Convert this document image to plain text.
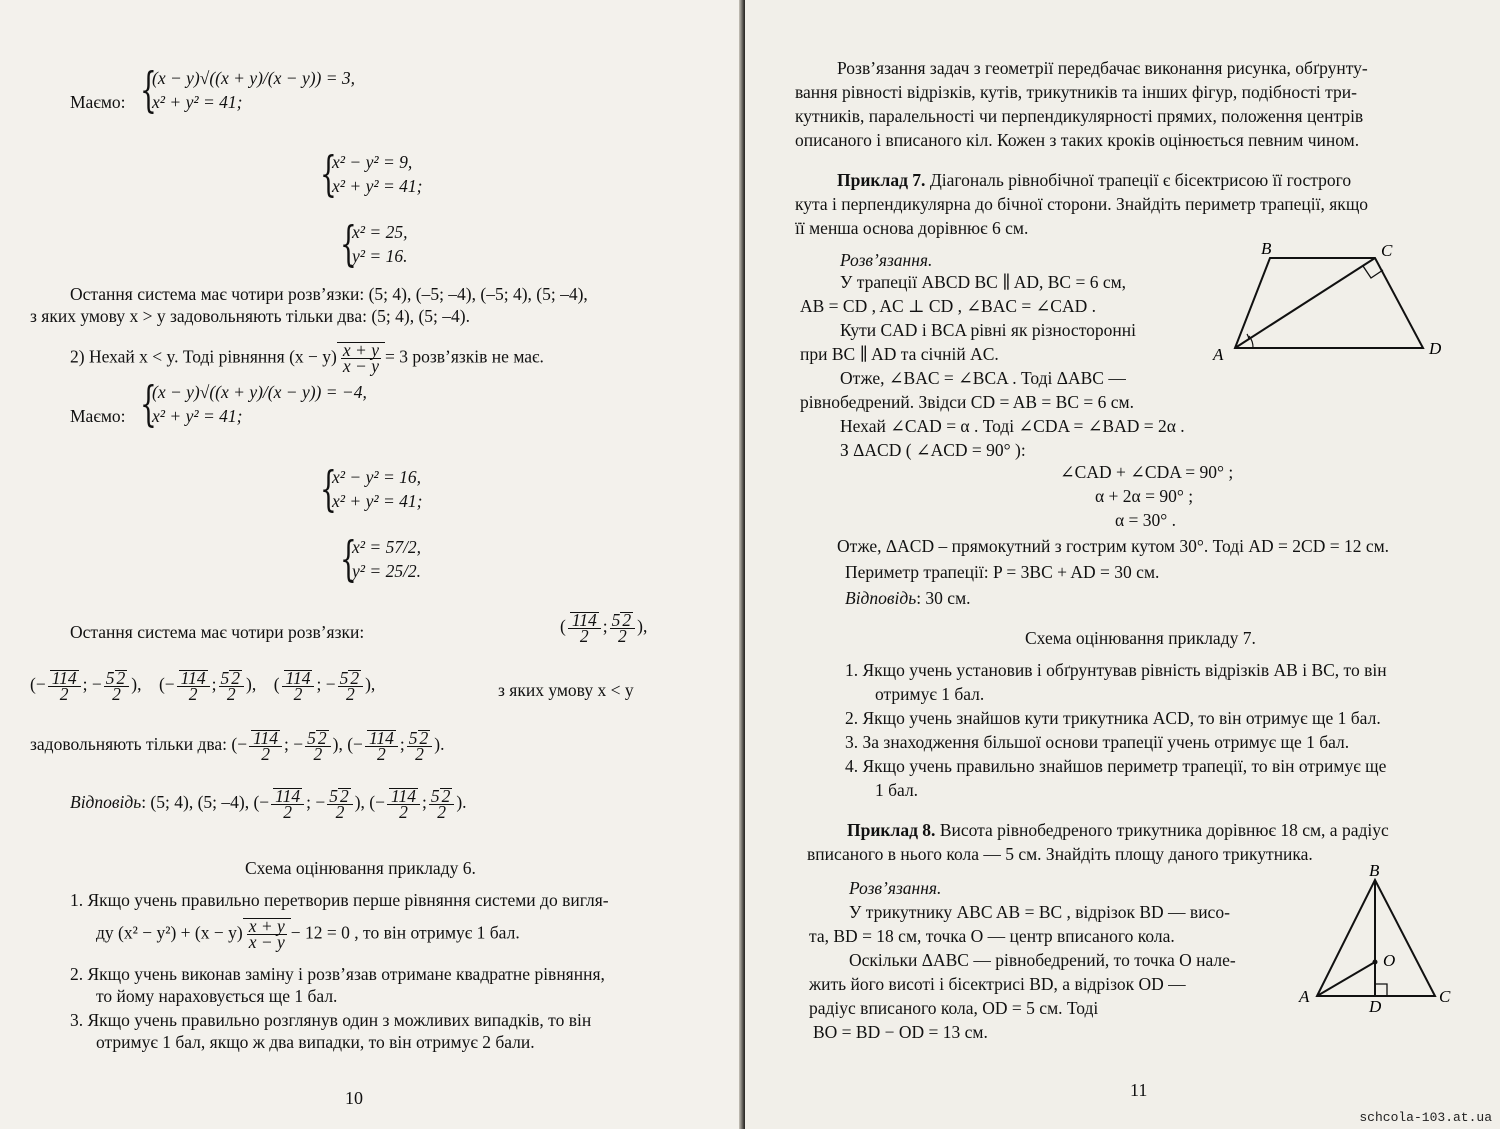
Маємо: {
(x − y)√((x + y)/(x − y)) = 3,
x² + y² = 41;
{
x² − y² = 9,
x² + y² = 41;
{
x² = 25,
y² = 16.
Остання система має чотири розв’язки: (5; 4), (–5; –4), (–5; 4), (5; –4),
з яких умову x > y задовольняють тільки два: (5; 4), (5; –4).
2) Нехай x < y. Тоді рівняння $(x - y) \frac{x + y}{x - y} = 3$ розв’язків не має.
Маємо: {
(x − y)√((x + y)/(x − y)) = −4,
x² + y² = 41;
{
x² − y² = 16,
x² + y² = 41;
{
x² = 57/2,
y² = 25/2.
Остання система має чотири розв’язки:	( $\frac{114}{2}$ ; $\frac{5 2}{2}$ ),
(− $\frac{114}{2}$ ; − $\frac{5 2}{2}$ ),    (− $\frac{114}{2}$ ; $\frac{5 2}{2}$ ),    ( $\frac{114}{2}$ ; − $\frac{5 2}{2}$ ),	з яких умову x < y
задовольняють тільки два: (− $\frac{114}{2}$ ; − $\frac{5 2}{2}$ ), (− $\frac{114}{2}$ ; $\frac{5 2}{2}$ ).
Відповідь: (5; 4), (5; –4), (− $\frac{114}{2}$ ; − $\frac{5 2}{2}$ ), (− $\frac{114}{2}$ ; $\frac{5 2}{2}$ ).
Схема оцінювання прикладу 6.
1. Якщо учень правильно перетворив перше рівняння системи до вигля-
ду $(x^2 - y^2) + (x - y) \frac{x + y}{x - y} - 12 = 0$ , то він отримує 1 бал.
2. Якщо учень виконав заміну і розв’язав отримане квадратне рівняння,
то йому нараховується ще 1 бал.
3. Якщо учень правильно розглянув один з можливих випадків, то він
отримує 1 бал, якщо ж два випадки, то він отримує 2 бали.
10
Розв’язання задач з геометрії передбачає виконання рисунка, обґрунту-
вання рівності відрізків, кутів, трикутників та інших фігур, подібності три-
кутників, паралельності чи перпендикулярності прямих, положення центрів
описаного і вписаного кіл. Кожен з таких кроків оцінюється певним чином.
Приклад 7. Діагональ рівнобічної трапеції є бісектрисою її гострого
кута і перпендикулярна до бічної сторони. Знайдіть периметр трапеції, якщо
її менша основа дорівнює 6 см.
Розв’язання.
У трапеції ABCD BC ∥ AD, BC = 6 см,
AB = CD , AC ⊥ CD , ∠BAC = ∠CAD .
Кути CAD і BCA рівні як різносторонні
при BC ∥ AD та січній AC.
Отже, ∠BAC = ∠BCA . Тоді ΔABC —
рівнобедрений. Звідси CD = AB = BC = 6 см.
Нехай ∠CAD = α . Тоді ∠CDA = ∠BAD = 2α .
З ΔACD ( ∠ACD = 90° ):
∠CAD + ∠CDA = 90° ;
α + 2α = 90° ;
α = 30° .
Отже, ΔACD – прямокутний з гострим кутом 30°. Тоді AD = 2CD = 12 см.
Периметр трапеції: P = 3BC + AD = 30 см.
Відповідь: 30 см.
Схема оцінювання прикладу 7.
1. Якщо учень установив і обґрунтував рівність відрізків AB і BC, то він
отримує 1 бал.
2. Якщо учень знайшов кути трикутника ACD, то він отримує ще 1 бал.
3. За знаходження більшої основи трапеції учень отримує ще 1 бал.
4. Якщо учень правильно знайшов периметр трапеції, то він отримує ще
1 бал.
Приклад 8. Висота рівнобедреного трикутника дорівнює 18 см, а радіус
вписаного в нього кола — 5 см. Знайдіть площу даного трикутника.
Розв’язання.
У трикутнику ABC AB = BC , відрізок BD — висо-
та, BD = 18 см, точка O — центр вписаного кола.
Оскільки ΔABC — рівнобедрений, то точка O нале-
жить його висоті і бісектрисі BD, а відрізок OD —
радіус вписаного кола, OD = 5 см. Тоді
BO = BD − OD = 13 см.
B	C
A	D
B
O
A
D
C
11
schcola-103.at.ua
